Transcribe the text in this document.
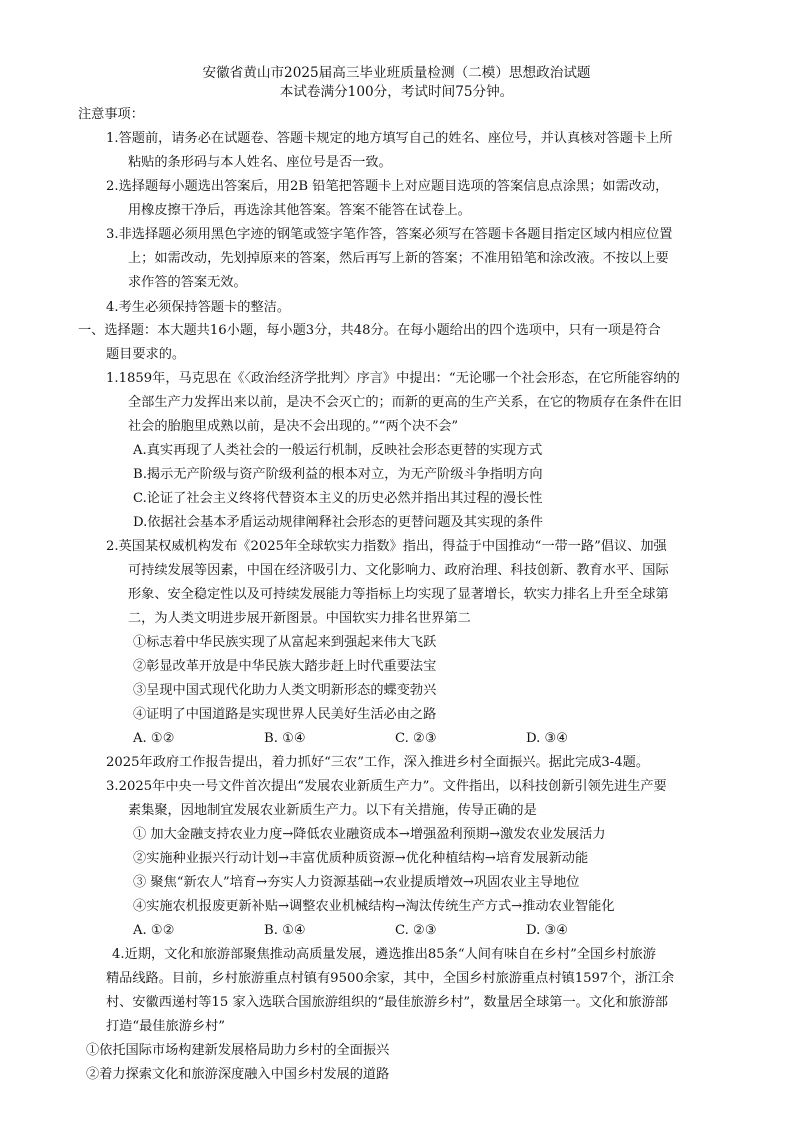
安徽省黄山市2025届高三毕业班质量检测（二模）思想政治试题
本试卷满分100分，考试时间75分钟。
注意事项：
1.答题前，请务必在试题卷、答题卡规定的地方填写自己的姓名、座位号，并认真核对答题卡上所
粘贴的条形码与本人姓名、座位号是否一致。
2.选择题每小题选出答案后，用2B 铅笔把答题卡上对应题目选项的答案信息点涂黑；如需改动，
用橡皮擦干净后，再选涂其他答案。答案不能答在试卷上。
3.非选择题必须用黑色字迹的钢笔或签字笔作答，答案必须写在答题卡各题目指定区域内相应位置
上；如需改动，先划掉原来的答案，然后再写上新的答案；不准用铅笔和涂改液。不按以上要
求作答的答案无效。
4.考生必须保持答题卡的整洁。
一、选择题：本大题共16小题，每小题3分，共48分。在每小题给出的四个选项中，只有一项是符合
题目要求的。
1.1859年，马克思在《〈政治经济学批判〉序言》中提出：“无论哪一个社会形态，在它所能容纳的
全部生产力发挥出来以前，是决不会灭亡的；而新的更高的生产关系，在它的物质存在条件在旧
社会的胎胞里成熟以前，是决不会出现的。”“两个决不会”
A.真实再现了人类社会的一般运行机制，反映社会形态更替的实现方式
B.揭示无产阶级与资产阶级利益的根本对立，为无产阶级斗争指明方向
C.论证了社会主义终将代替资本主义的历史必然并指出其过程的漫长性
D.依据社会基本矛盾运动规律阐释社会形态的更替问题及其实现的条件
2.英国某权威机构发布《2025年全球软实力指数》指出，得益于中国推动“一带一路”倡议、加强
可持续发展等因素，中国在经济吸引力、文化影响力、政府治理、科技创新、教育水平、国际
形象、安全稳定性以及可持续发展能力等指标上均实现了显著增长，软实力排名上升至全球第
二，为人类文明进步展开新图景。中国软实力排名世界第二
①标志着中华民族实现了从富起来到强起来伟大飞跃
②彰显改革开放是中华民族大踏步赶上时代重要法宝
③呈现中国式现代化助力人类文明新形态的蝶变勃兴
④证明了中国道路是实现世界人民美好生活必由之路
A. ①②	B. ①④	C. ②③	D. ③④
2025年政府工作报告提出，着力抓好“三农”工作，深入推进乡村全面振兴。据此完成3-4题。
3.2025年中央一号文件首次提出“发展农业新质生产力”。文件指出，以科技创新引领先进生产要
素集聚，因地制宜发展农业新质生产力。以下有关措施，传导正确的是
① 加大金融支持农业力度→降低农业融资成本→增强盈利预期→激发农业发展活力
②实施种业振兴行动计划→丰富优质种质资源→优化种植结构→培育发展新动能
③ 聚焦“新农人”培育→夯实人力资源基础→农业提质增效→巩固农业主导地位
④实施农机报废更新补贴→调整农业机械结构→淘汰传统生产方式→推动农业智能化
A. ①②	B. ①④	C. ②③	D. ③④
4.近期，文化和旅游部聚焦推动高质量发展，遴选推出85条“人间有味自在乡村”全国乡村旅游
精品线路。目前，乡村旅游重点村镇有9500余家，其中，全国乡村旅游重点村镇1597个，浙江余
村、安徽西递村等15 家入选联合国旅游组织的“最佳旅游乡村”，数量居全球第一。文化和旅游部
打造“最佳旅游乡村”
①依托国际市场构建新发展格局助力乡村的全面振兴
②着力探索文化和旅游深度融入中国乡村发展的道路
